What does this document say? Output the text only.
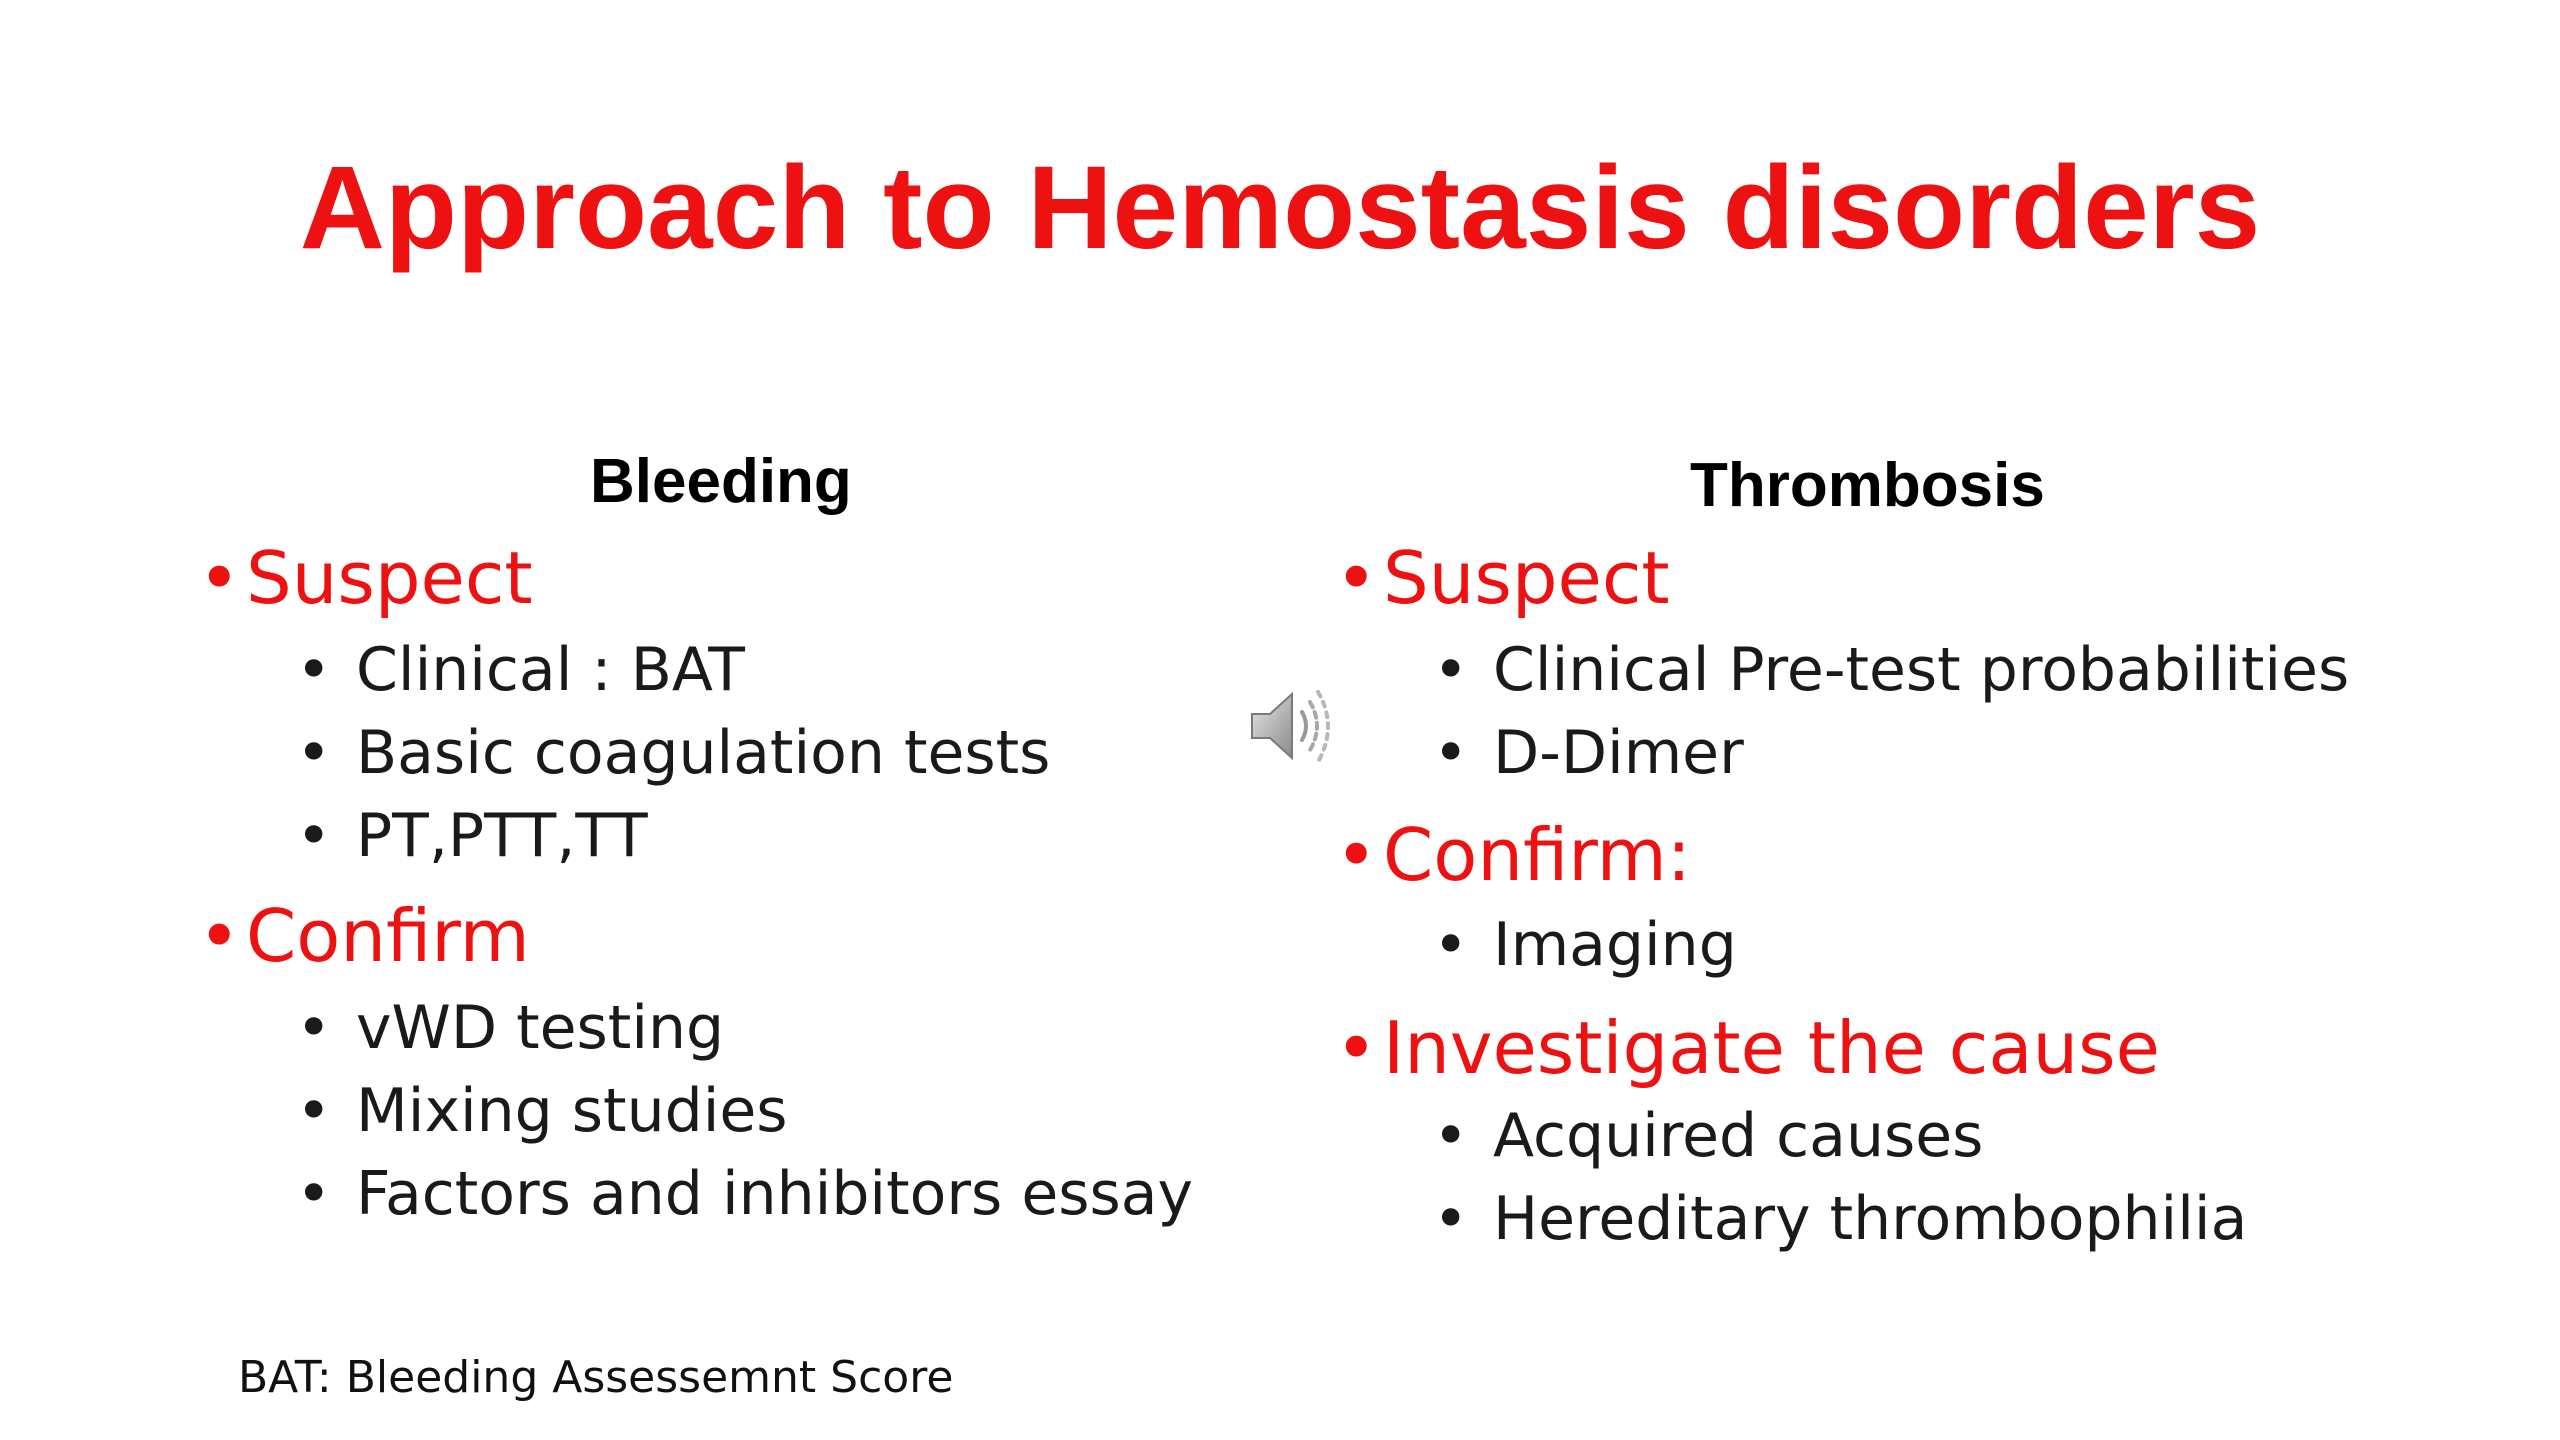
Approach to Hemostasis disorders
Bleeding
•Suspect
• Clinical : BAT
• Basic coagulation tests
• PT,PTT,TT
•Confirm
• vWD testing
• Mixing studies
• Factors and inhibitors essay
Thrombosis
•Suspect
• Clinical Pre-test probabilities
• D-Dimer
•Confirm:
• Imaging
•Investigate the cause
• Acquired causes
• Hereditary thrombophilia
BAT: Bleeding Assessemnt Score
